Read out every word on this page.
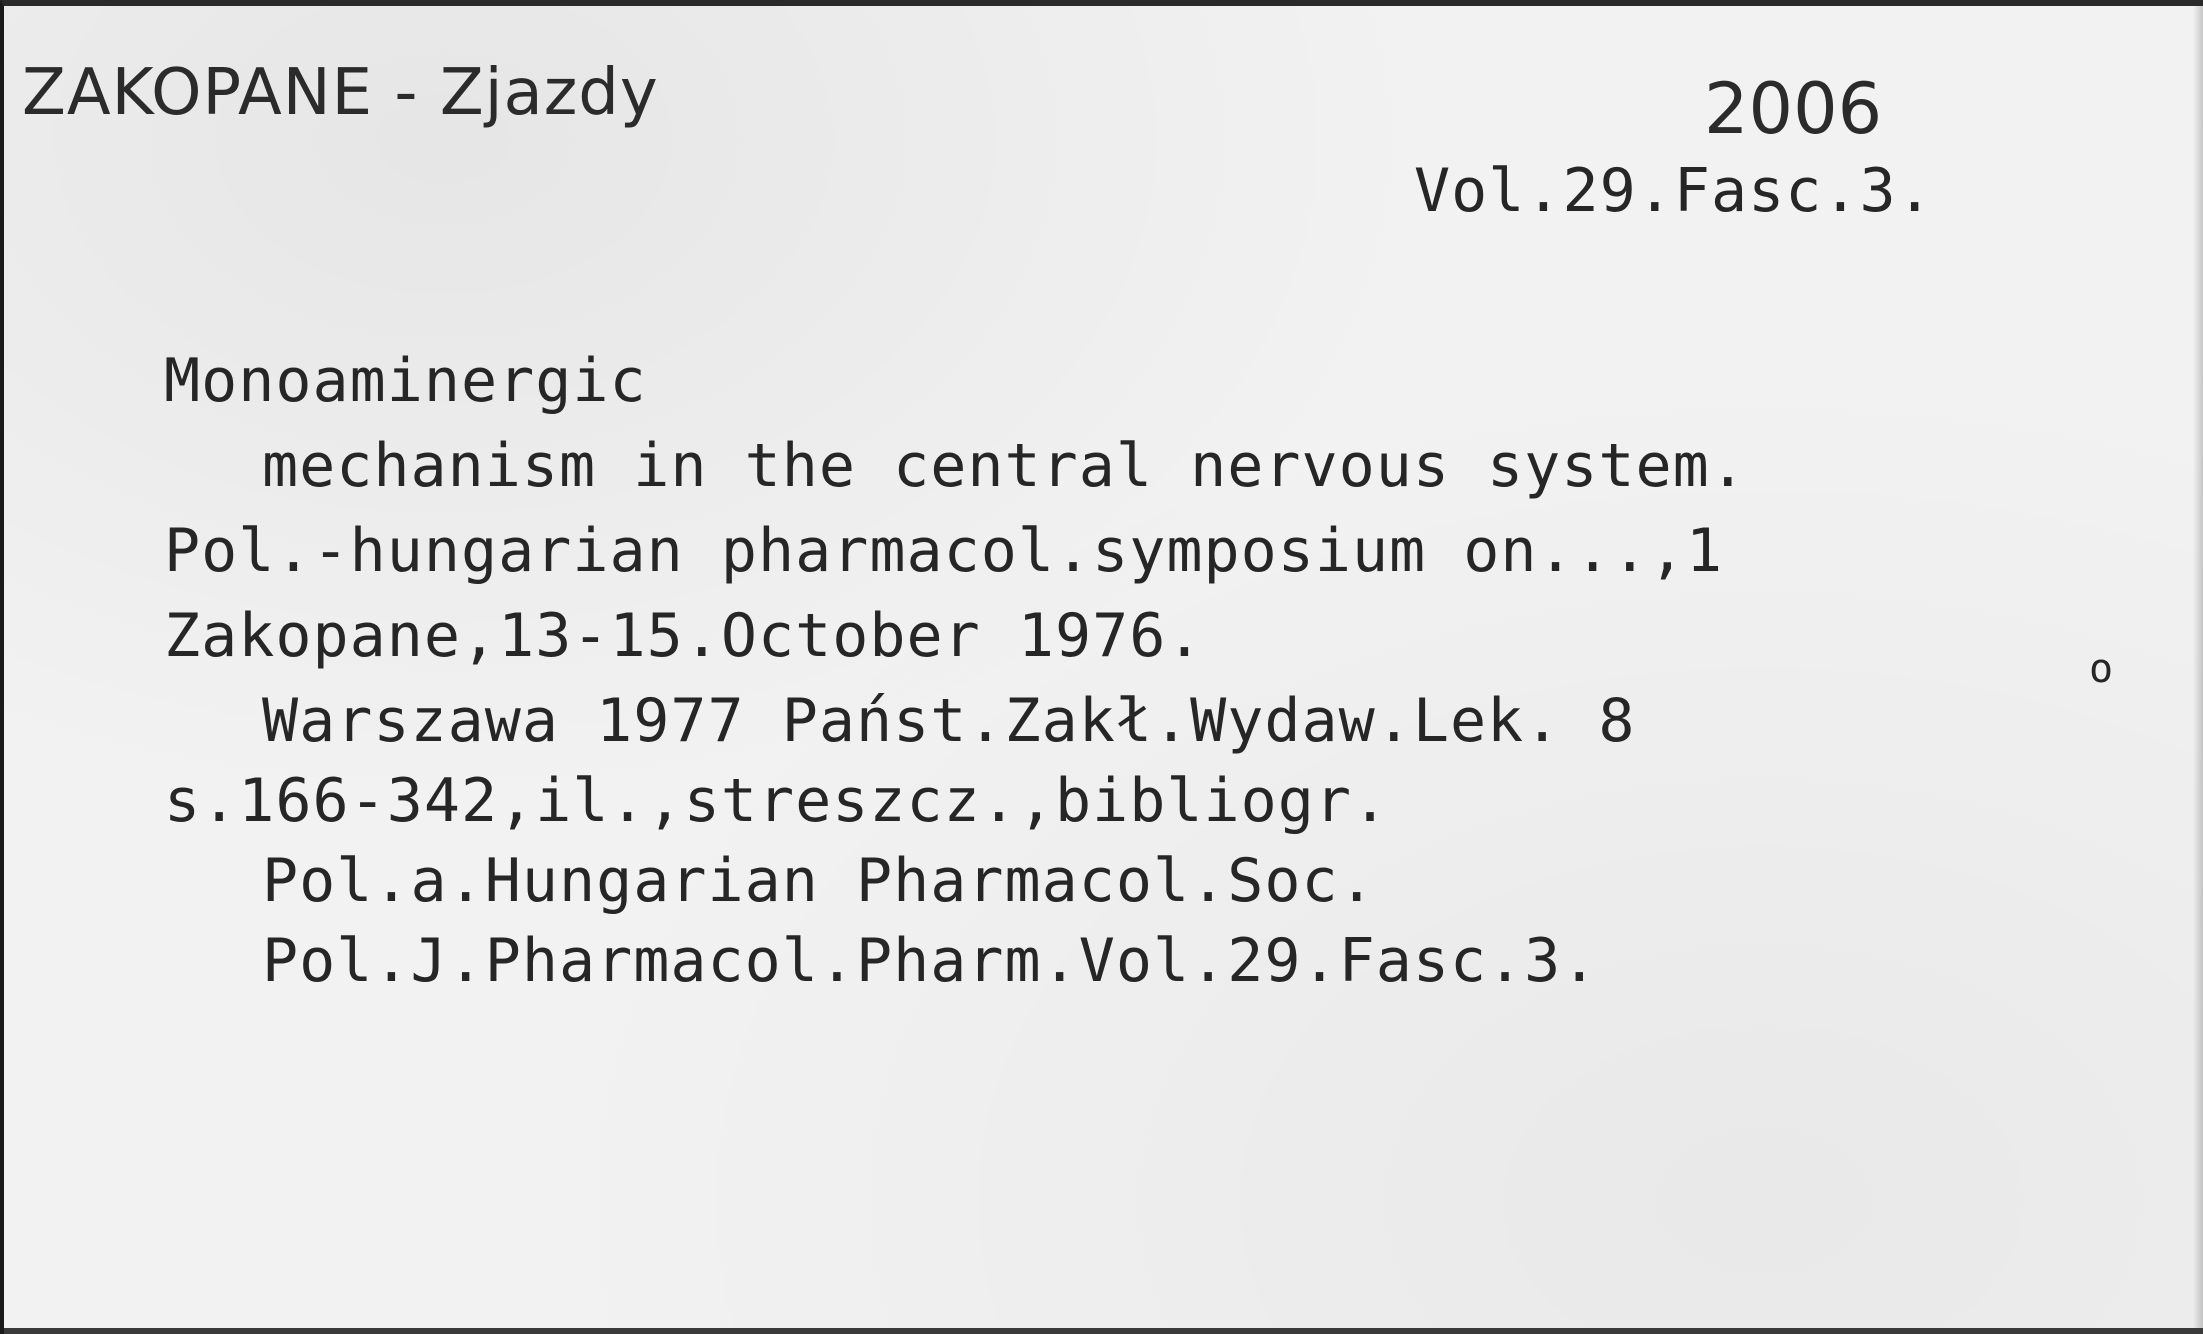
ZAKOPANE - Zjazdy	2006
Vol.29.Fasc.3.
Monoaminergic
mechanism in the central nervous system.
Pol.-hungarian pharmacol.symposium on...,1
Zakopane,13-15.October 1976.
Warszawa 1977 Państ.Zakł.Wydaw.Lek. 8
o
s.166-342,il.,streszcz.,bibliogr.
Pol.a.Hungarian Pharmacol.Soc.
Pol.J.Pharmacol.Pharm.Vol.29.Fasc.3.
